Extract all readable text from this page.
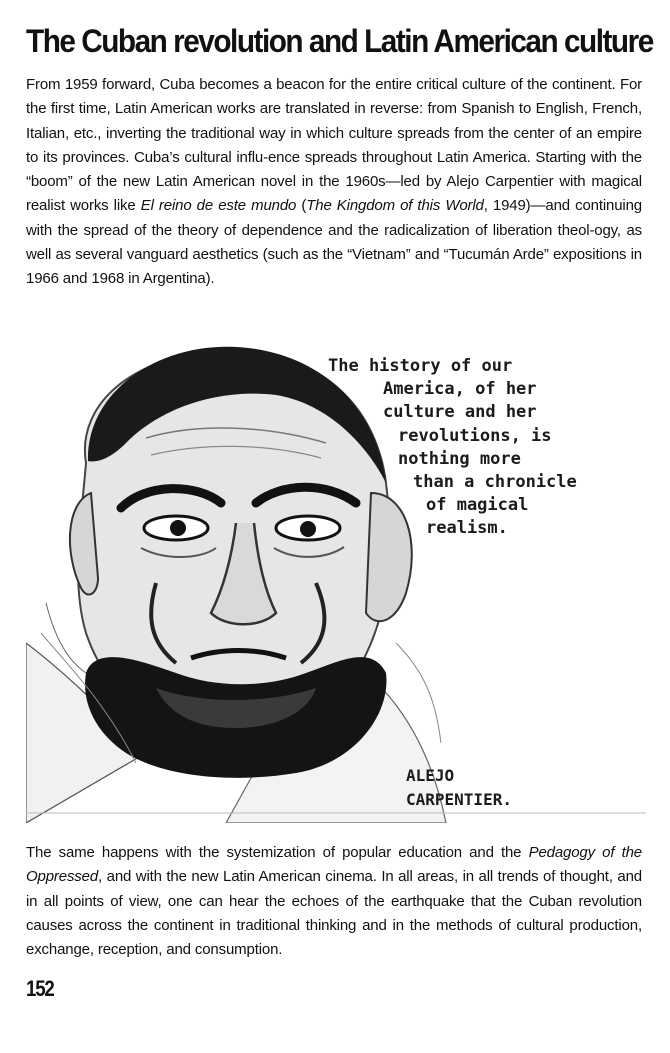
The Cuban revolution and Latin American culture

From 1959 forward, Cuba becomes a beacon for the entire critical culture of the continent. For the first time, Latin American works are translated in reverse: from Spanish to English, French, Italian, etc., inverting the traditional way in which culture spreads from the center of an empire to its provinces. Cuba’s cultural influ-ence spreads throughout Latin America. Starting with the “boom” of the new Latin American novel in the 1960s—led by Alejo Carpentier with magical realist works like El reino de este mundo (The Kingdom of this World, 1949)—and continuing with the spread of the theory of dependence and the radicalization of liberation theol-ogy, as well as several vanguard aesthetics (such as the “Vietnam” and “Tucumán Arde” expositions in 1966 and 1968 in Argentina).

The history of our
America, of her
culture and her
revolutions, is
nothing more
than a chronicle
of magical
realism.
ALEJO
CARPENTIER.

The same happens with the systemization of popular education and the Pedagogy of the Oppressed, and with the new Latin American cinema. In all areas, in all trends of thought, and in all points of view, one can hear the echoes of the earthquake that the Cuban revolution causes across the continent in traditional thinking and in the methods of cultural production, exchange, reception, and consumption.

152
